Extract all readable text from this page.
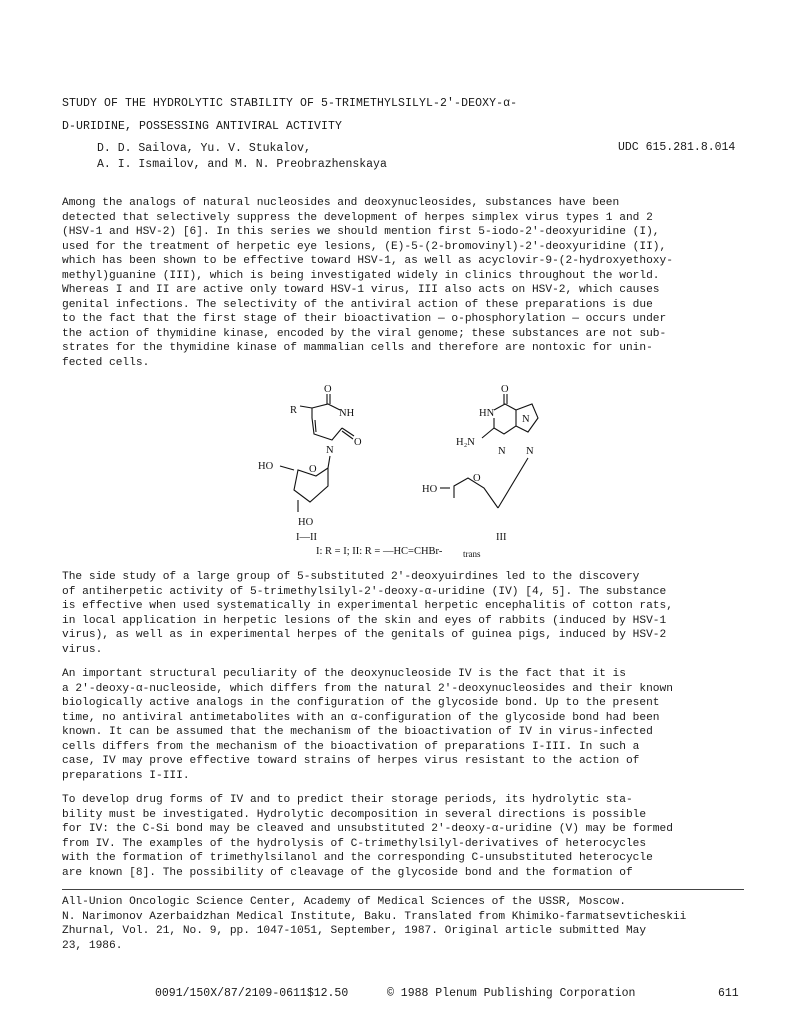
STUDY OF THE HYDROLYTIC STABILITY OF 5-TRIMETHYLSILYL-2'-DEOXY-α-
D-URIDINE, POSSESSING ANTIVIRAL ACTIVITY
D. D. Sailova, Yu. V. Stukalov,
A. I. Ismailov, and M. N. Preobrazhenskaya
UDC 615.281.8.014

Among the analogs of natural nucleosides and deoxynucleosides, substances have been
detected that selectively suppress the development of herpes simplex virus types 1 and 2
(HSV-1 and HSV-2) [6]. In this series we should mention first 5-iodo-2'-deoxyuridine (I),
used for the treatment of herpetic eye lesions, (E)-5-(2-bromovinyl)-2'-deoxyuridine (II),
which has been shown to be effective toward HSV-1, as well as acyclovir-9-(2-hydroxyethoxy-
methyl)guanine (III), which is being investigated widely in clinics throughout the world.
Whereas I and II are active only toward HSV-1 virus, III also acts on HSV-2, which causes
genital infections. The selectivity of the antiviral action of these preparations is due
to the fact that the first stage of their bioactivation — o-phosphorylation — occurs under
the action of thymidine kinase, encoded by the viral genome; these substances are not sub-
strates for the thymidine kinase of mammalian cells and therefore are nontoxic for unin-
fected cells.

O
R	NH
O
N
O
HO
HO
I—II
O
HN
N
N N
H₂N
O
HO
III
I: R = I; II: R = —HC=CHBr- trans

The side study of a large group of 5-substituted 2'-deoxyuirdines led to the discovery
of antiherpetic activity of 5-trimethylsilyl-2'-deoxy-α-uridine (IV) [4, 5]. The substance
is effective when used systematically in experimental herpetic encephalitis of cotton rats,
in local application in herpetic lesions of the skin and eyes of rabbits (induced by HSV-1
virus), as well as in experimental herpes of the genitals of guinea pigs, induced by HSV-2
virus.

An important structural peculiarity of the deoxynucleoside IV is the fact that it is
a 2'-deoxy-α-nucleoside, which differs from the natural 2'-deoxynucleosides and their known
biologically active analogs in the configuration of the glycoside bond. Up to the present
time, no antiviral antimetabolites with an α-configuration of the glycoside bond had been
known. It can be assumed that the mechanism of the bioactivation of IV in virus-infected
cells differs from the mechanism of the bioactivation of preparations I-III. In such a
case, IV may prove effective toward strains of herpes virus resistant to the action of
preparations I-III.

To develop drug forms of IV and to predict their storage periods, its hydrolytic sta-
bility must be investigated. Hydrolytic decomposition in several directions is possible
for IV: the C-Si bond may be cleaved and unsubstituted 2'-deoxy-α-uridine (V) may be formed
from IV. The examples of the hydrolysis of C-trimethylsilyl-derivatives of heterocycles
with the formation of trimethylsilanol and the corresponding C-unsubstituted heterocycle
are known [8]. The possibility of cleavage of the glycoside bond and the formation of

All-Union Oncologic Science Center, Academy of Medical Sciences of the USSR, Moscow.
N. Narimonov Azerbaidzhan Medical Institute, Baku. Translated from Khimiko-farmatsevticheskii
Zhurnal, Vol. 21, No. 9, pp. 1047-1051, September, 1987. Original article submitted May
23, 1986.

0091/150X/87/2109-0611$12.50	© 1988 Plenum Publishing Corporation	611
